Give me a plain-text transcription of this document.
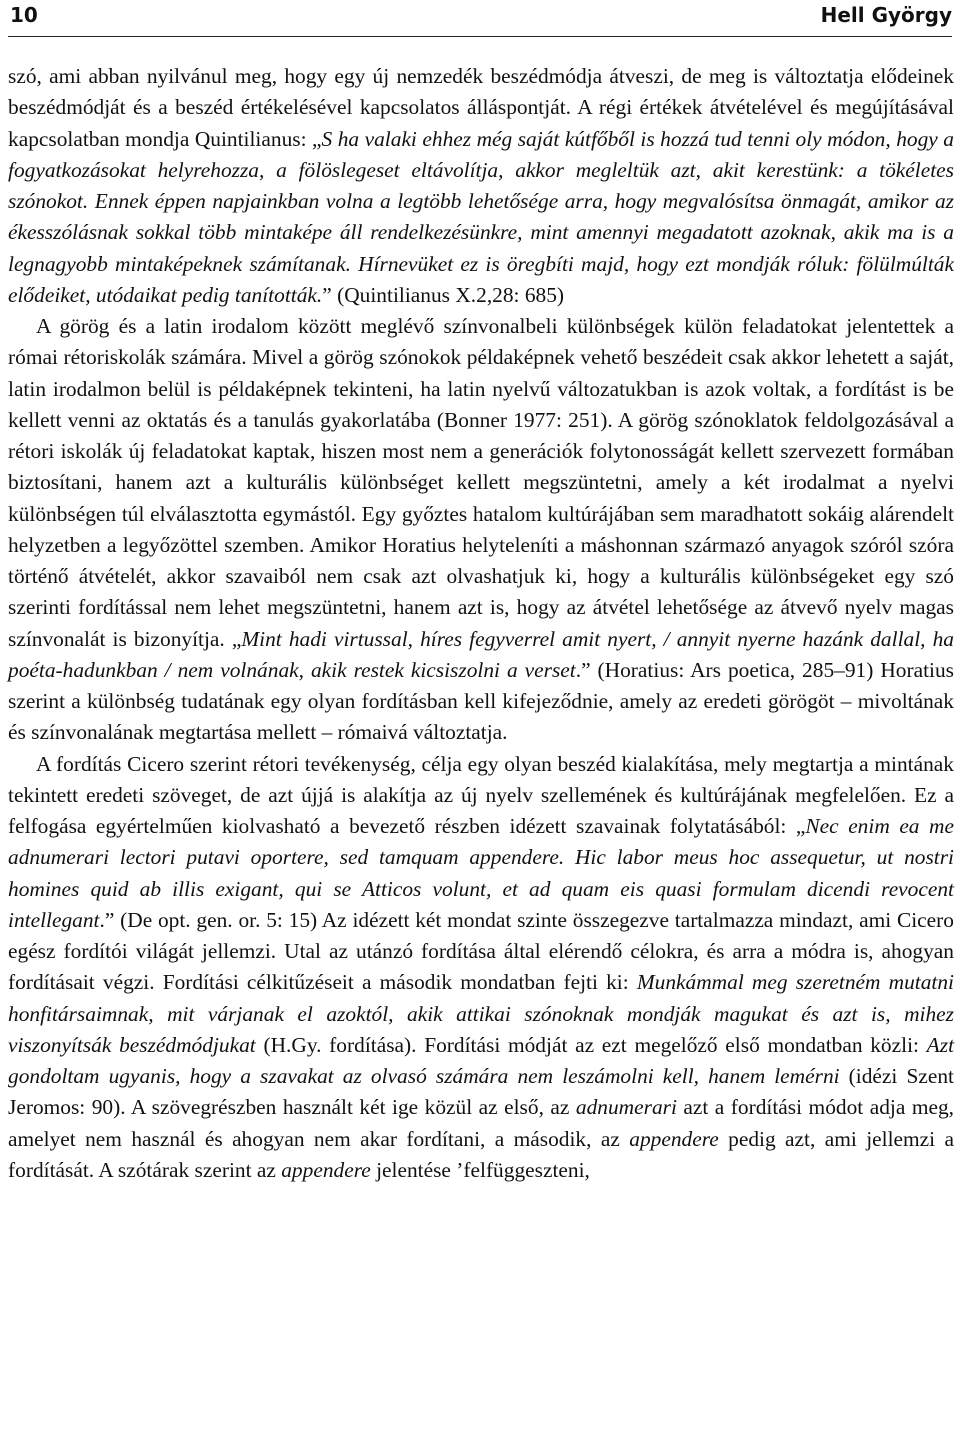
10	Hell György

szó, ami abban nyilvánul meg, hogy egy új nemzedék beszédmódja átveszi, de meg is változtatja elődeinek beszédmódját és a beszéd értékelésével kapcsolatos álláspontját. A régi értékek átvételével és megújításával kapcsolatban mondja Quintilianus: „S ha valaki ehhez még saját kútfőből is hozzá tud tenni oly módon, hogy a fogyatkozásokat helyrehozza, a fölöslegeset eltávolítja, akkor megleltük azt, akit kerestünk: a tökéletes szónokot. Ennek éppen napjainkban volna a legtöbb lehetősége arra, hogy megvalósítsa önmagát, amikor az ékesszólásnak sokkal több mintaképe áll rendelkezésünkre, mint amennyi megadatott azoknak, akik ma is a legnagyobb mintaképeknek számítanak. Hírnevüket ez is öregbíti majd, hogy ezt mondják róluk: fölülmúlták elődeiket, utódaikat pedig tanították.” (Quintilianus X.2,28: 685)

A görög és a latin irodalom között meglévő színvonalbeli különbségek külön feladatokat jelentettek a római rétoriskolák számára. Mivel a görög szónokok példaképnek vehető beszédeit csak akkor lehetett a saját, latin irodalmon belül is példaképnek tekinteni, ha latin nyelvű változatukban is azok voltak, a fordítást is be kellett venni az oktatás és a tanulás gyakorlatába (Bonner 1977: 251). A görög szónoklatok feldolgozásával a rétori iskolák új feladatokat kaptak, hiszen most nem a generációk folytonosságát kellett szervezett formában biztosítani, hanem azt a kulturális különbséget kellett megszüntetni, amely a két irodalmat a nyelvi különbségen túl elválasztotta egymástól. Egy győztes hatalom kultúrájában sem maradhatott sokáig alárendelt helyzetben a legyőzöttel szemben. Amikor Horatius helyteleníti a máshonnan származó anyagok szóról szóra történő átvételét, akkor szavaiból nem csak azt olvashatjuk ki, hogy a kulturális különbségeket egy szó szerinti fordítással nem lehet megszüntetni, hanem azt is, hogy az átvétel lehetősége az átvevő nyelv magas színvonalát is bizonyítja. „Mint hadi virtussal, híres fegyverrel amit nyert, / annyit nyerne hazánk dallal, ha poéta-hadunkban / nem volnának, akik restek kicsiszolni a verset.” (Horatius: Ars poetica, 285–91) Horatius szerint a különbség tudatának egy olyan fordításban kell kifejeződnie, amely az eredeti görögöt – mivoltának és színvonalának megtartása mellett – rómaivá változtatja.

A fordítás Cicero szerint rétori tevékenység, célja egy olyan beszéd kialakítása, mely megtartja a mintának tekintett eredeti szöveget, de azt újjá is alakítja az új nyelv szellemének és kultúrájának megfelelően. Ez a felfogása egyértelműen kiolvasható a bevezető részben idézett szavainak folytatásából: „Nec enim ea me adnumerari lectori putavi oportere, sed tamquam appendere. Hic labor meus hoc assequetur, ut nostri homines quid ab illis exigant, qui se Atticos volunt, et ad quam eis quasi formulam dicendi revocent intellegant.” (De opt. gen. or. 5: 15) Az idézett két mondat szinte összegezve tartalmazza mindazt, ami Cicero egész fordítói világát jellemzi. Utal az utánzó fordítása által elérendő célokra, és arra a módra is, ahogyan fordításait végzi. Fordítási célkitűzéseit a második mondatban fejti ki: Munkámmal meg szeretném mutatni honfitársaimnak, mit várjanak el azoktól, akik attikai szónoknak mondják magukat és azt is, mihez viszonyítsák beszédmódjukat (H.Gy. fordítása). Fordítási módját az ezt megelőző első mondatban közli: Azt gondoltam ugyanis, hogy a szavakat az olvasó számára nem leszámolni kell, hanem lemérni (idézi Szent Jeromos: 90). A szövegrészben használt két ige közül az első, az adnumerari azt a fordítási módot adja meg, amelyet nem használ és ahogyan nem akar fordítani, a második, az appendere pedig azt, ami jellemzi a fordítását. A szótárak szerint az appendere jelentése ’felfüggeszteni,
